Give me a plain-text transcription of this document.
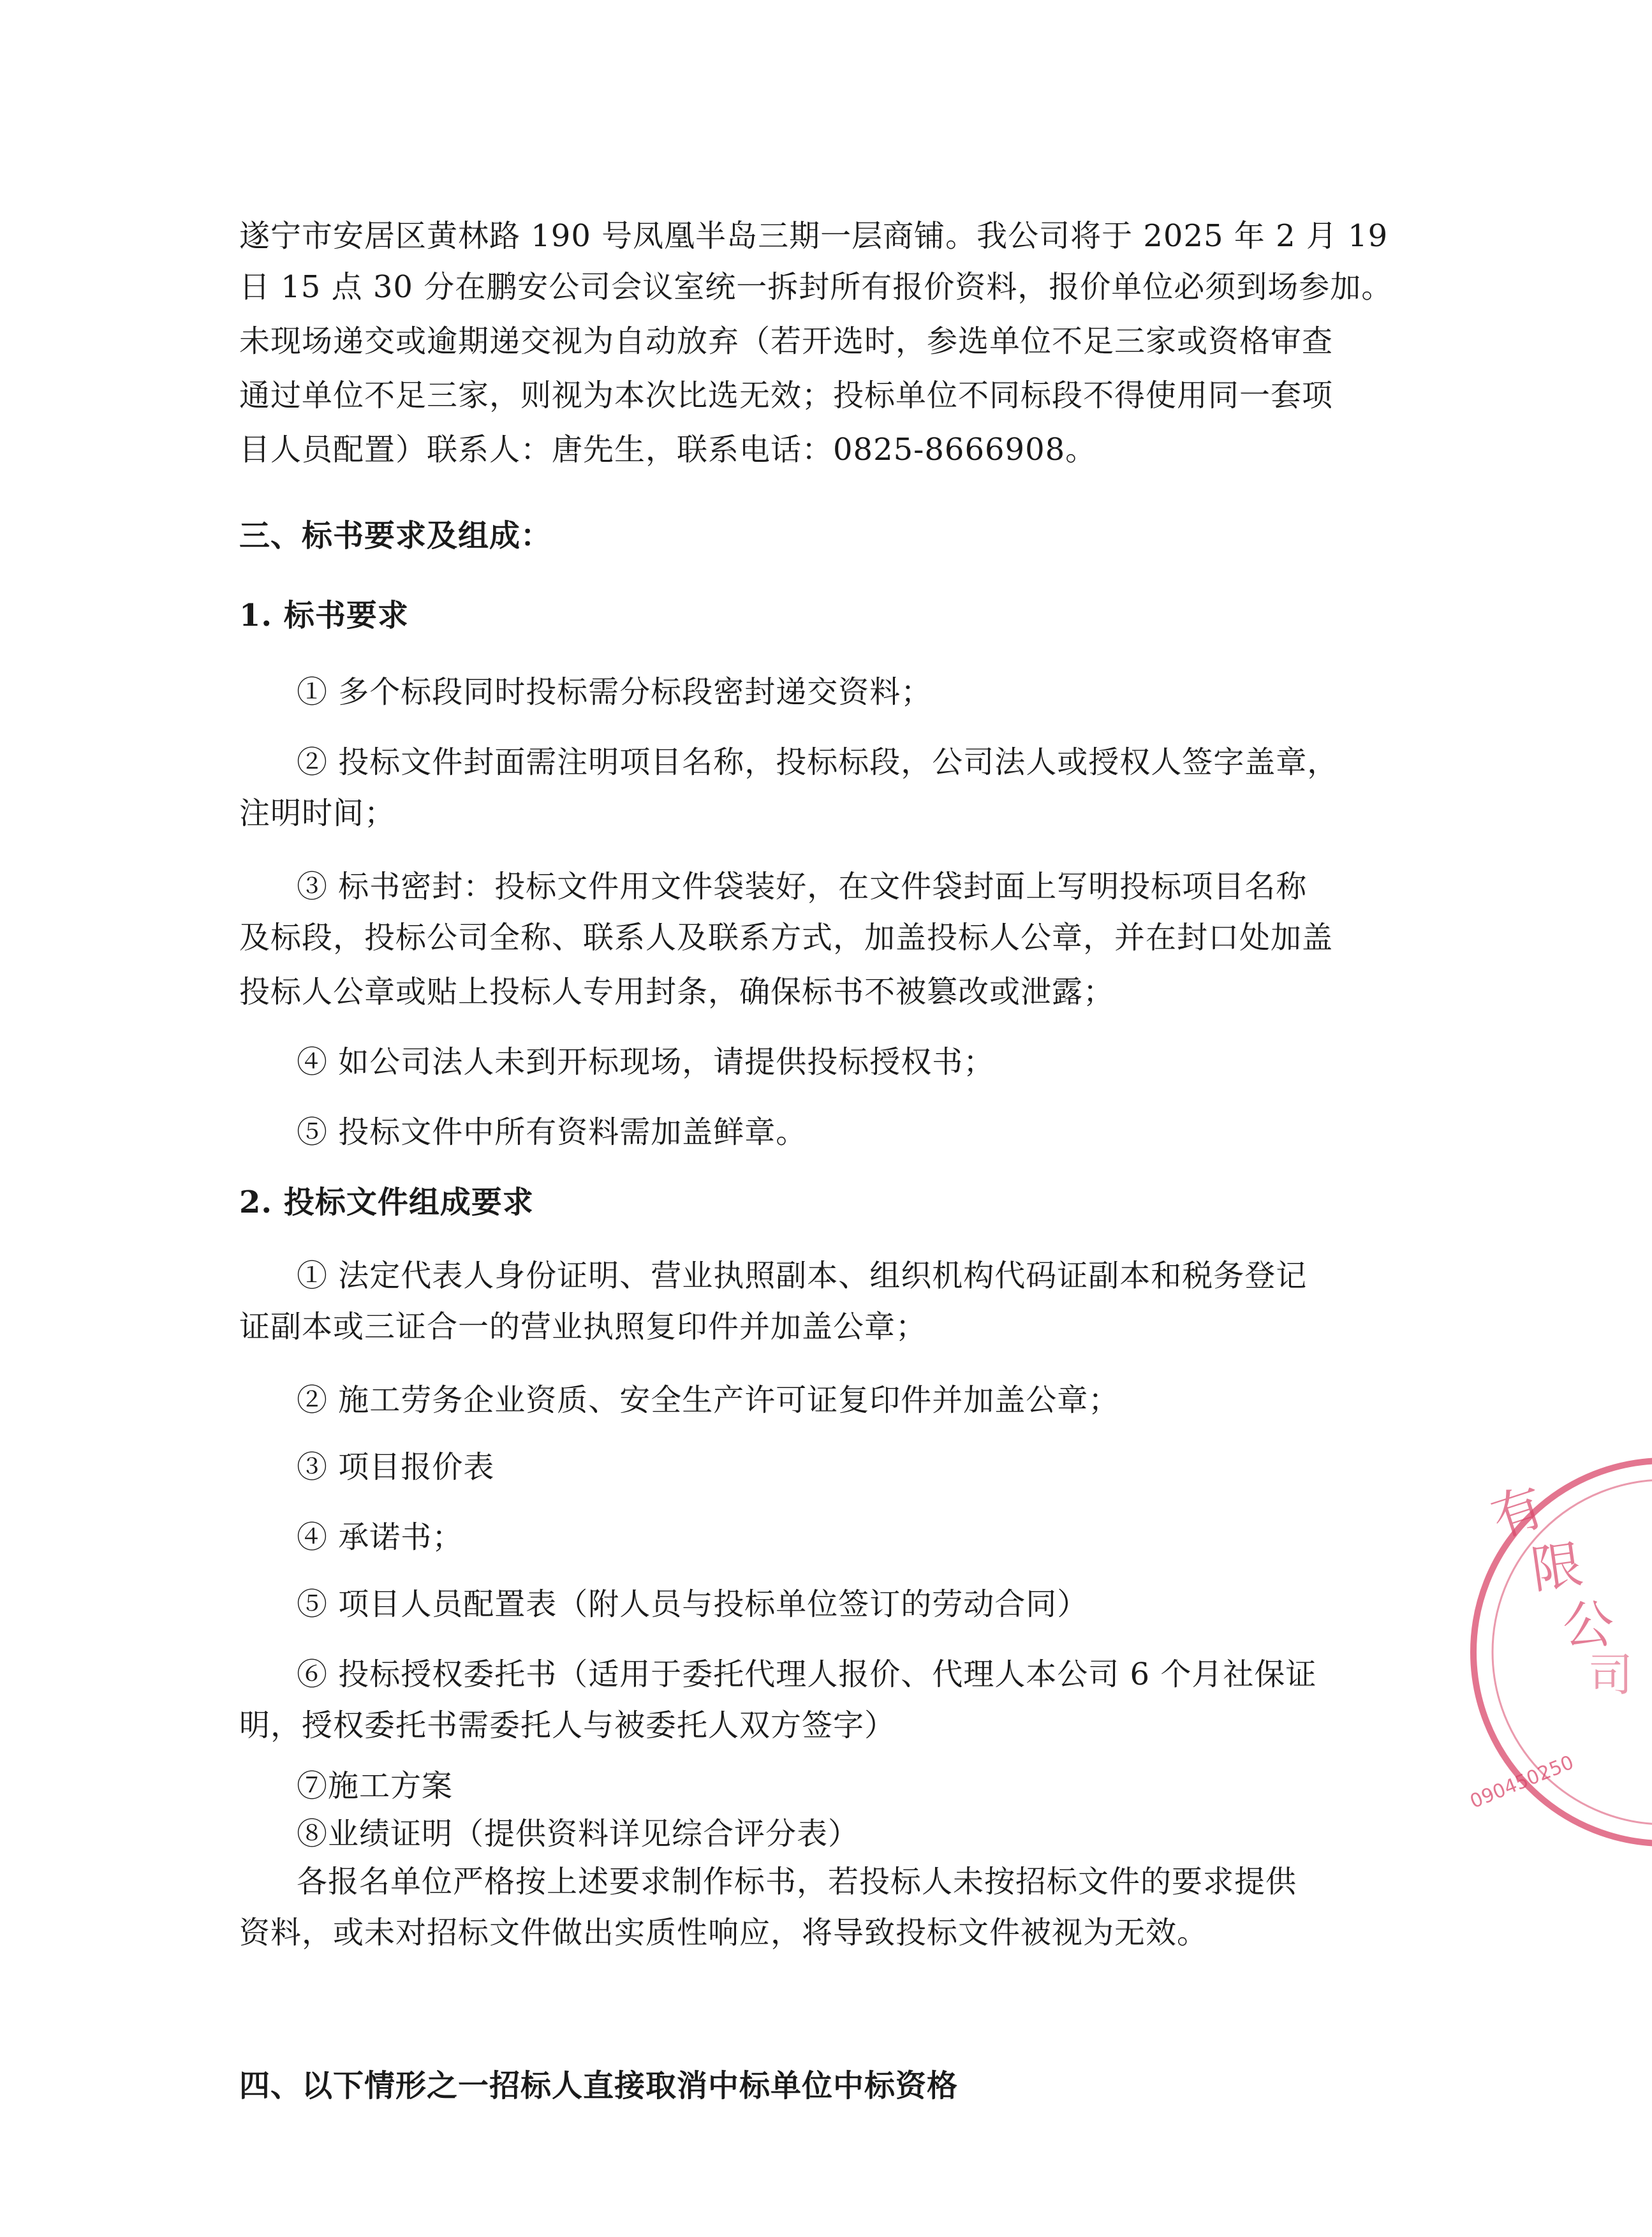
遂宁市安居区黄林路 190 号凤凰半岛三期一层商铺。我公司将于 2025 年 2 月 19
日 15 点 30 分在鹏安公司会议室统一拆封所有报价资料，报价单位必须到场参加。
未现场递交或逾期递交视为自动放弃（若开选时，参选单位不足三家或资格审查
通过单位不足三家，则视为本次比选无效；投标单位不同标段不得使用同一套项
目人员配置）联系人：唐先生，联系电话：0825-8666908。
三、标书要求及组成：
1. 标书要求
① 多个标段同时投标需分标段密封递交资料；
② 投标文件封面需注明项目名称，投标标段，公司法人或授权人签字盖章，
注明时间；
③ 标书密封：投标文件用文件袋装好，在文件袋封面上写明投标项目名称
及标段，投标公司全称、联系人及联系方式，加盖投标人公章，并在封口处加盖
投标人公章或贴上投标人专用封条，确保标书不被篡改或泄露；
④ 如公司法人未到开标现场，请提供投标授权书；
⑤ 投标文件中所有资料需加盖鲜章。
2. 投标文件组成要求
① 法定代表人身份证明、营业执照副本、组织机构代码证副本和税务登记
证副本或三证合一的营业执照复印件并加盖公章；
② 施工劳务企业资质、安全生产许可证复印件并加盖公章；
③ 项目报价表
④ 承诺书；
⑤ 项目人员配置表（附人员与投标单位签订的劳动合同）
⑥ 投标授权委托书（适用于委托代理人报价、代理人本公司 6 个月社保证
明，授权委托书需委托人与被委托人双方签字）
⑦施工方案
⑧业绩证明（提供资料详见综合评分表）
各报名单位严格按上述要求制作标书，若投标人未按招标文件的要求提供
资料，或未对招标文件做出实质性响应，将导致投标文件被视为无效。
四、以下情形之一招标人直接取消中标单位中标资格
有
限
公
司
090450250
